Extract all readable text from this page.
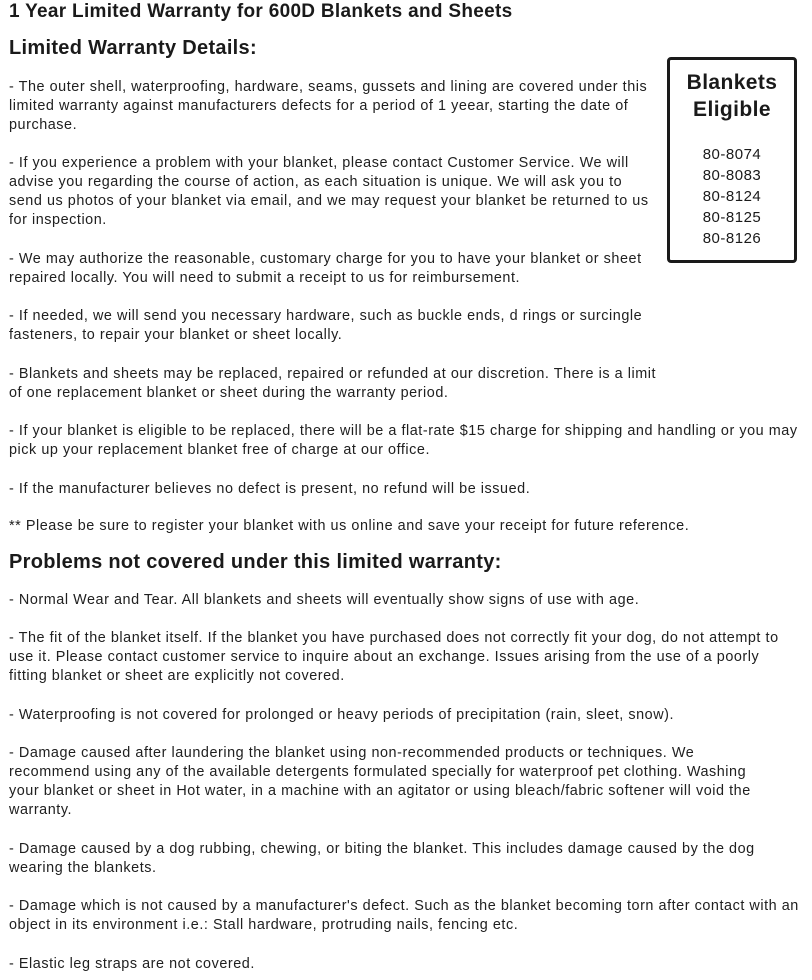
1 Year Limited Warranty for 600D Blankets and Sheets
Limited Warranty Details:

- The outer shell, waterproofing, hardware, seams, gussets and lining are covered under this limited warranty against manufacturers defects for a period of 1 yeear, starting the date of purchase.

- If you experience a problem with your blanket, please contact Customer Service. We will advise you regarding the course of action, as each situation is unique. We will ask you to send us photos of your blanket via email, and we may request your blanket be returned to us for inspection.

- We may authorize the reasonable, customary charge for you to have your blanket or sheet repaired locally. You will need to submit a receipt to us for reimbursement.

- If needed, we will send you necessary hardware, such as buckle ends, d rings or surcingle fasteners, to repair your blanket or sheet locally.

- Blankets and sheets may be replaced, repaired or refunded at our discretion. There is a limit of one replacement blanket or sheet during the warranty period.

- If your blanket is eligible to be replaced, there will be a flat-rate $15 charge for shipping and handling or you may pick up your replacement blanket free of charge at our office.

- If the manufacturer believes no defect is present, no refund will be issued.

** Please be sure to register your blanket with us online and save your receipt for future reference.

Blankets Eligible
80-8074
80-8083
80-8124
80-8125
80-8126
Problems not covered under this limited warranty:

- Normal Wear and Tear. All blankets and sheets will eventually show signs of use with age.

- The fit of the blanket itself. If the blanket you have purchased does not correctly fit your dog, do not attempt to use it. Please contact customer service to inquire about an exchange. Issues arising from the use of a poorly fitting blanket or sheet are explicitly not covered.

- Waterproofing is not covered for prolonged or heavy periods of precipitation (rain, sleet, snow).

- Damage caused after laundering the blanket using non-recommended products or techniques. We recommend using any of the available detergents formulated specially for waterproof pet clothing. Washing your blanket or sheet in Hot water, in a machine with an agitator or using bleach/fabric softener will void the warranty.

- Damage caused by a dog rubbing, chewing, or biting the blanket. This includes damage caused by the dog wearing the blankets.

- Damage which is not caused by a manufacturer's defect. Such as the blanket becoming torn after contact with an object in its environment i.e.: Stall hardware, protruding nails, fencing etc.

- Elastic leg straps are not covered.
